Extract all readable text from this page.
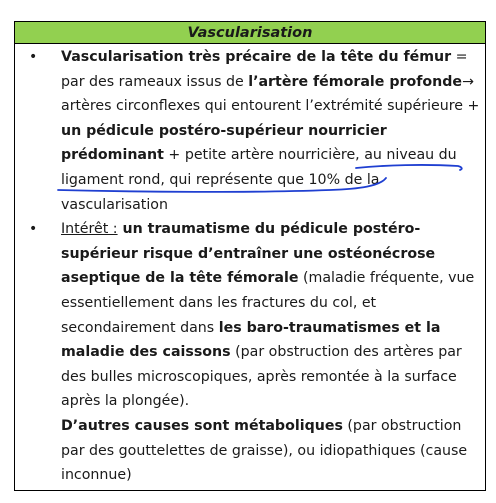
Vascularisation
• Vascularisation très précaire de la tête du fémur = par des rameaux issus de l’artère fémorale profonde→ artères circonflexes qui entourent l’extrémité supérieure + un pédicule postéro-supérieur nourricier prédominant + petite artère nourricière, au niveau du ligament rond, qui représente que 10% de la vascularisation
• Intérêt : un traumatisme du pédicule postéro-supérieur risque d’entraîner une ostéonécrose aseptique de la tête fémorale (maladie fréquente, vue essentiellement dans les fractures du col, et secondairement dans les baro-traumatismes et la maladie des caissons (par obstruction des artères par des bulles microscopiques, après remontée à la surface après la plongée).
D’autres causes sont métaboliques (par obstruction par des gouttelettes de graisse), ou idiopathiques (cause inconnue)
